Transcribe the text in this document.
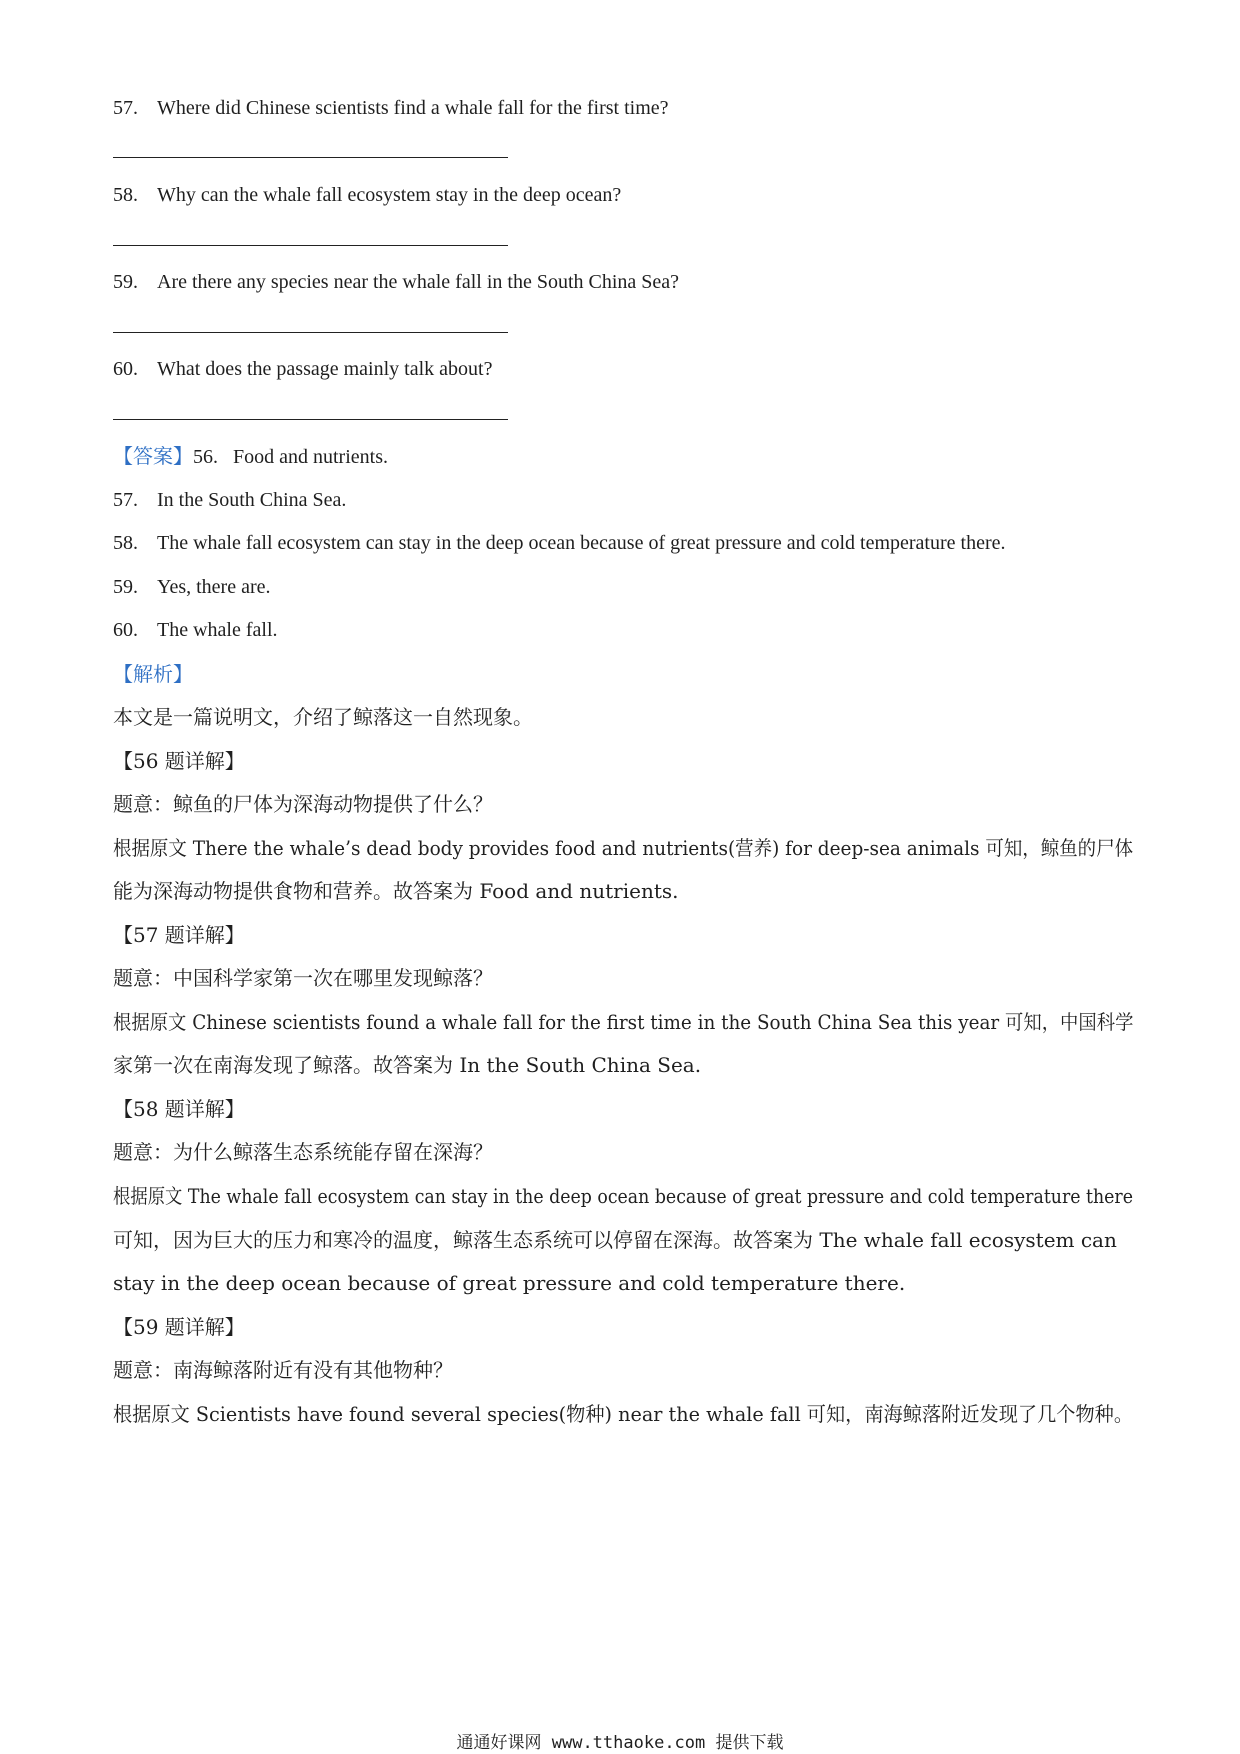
57. Where did Chinese scientists find a whale fall for the first time?
58. Why can the whale fall ecosystem stay in the deep ocean?
59. Are there any species near the whale fall in the South China Sea?
60. What does the passage mainly talk about?
【答案】56. Food and nutrients.
57. In the South China Sea.
58. The whale fall ecosystem can stay in the deep ocean because of great pressure and cold temperature there.
59. Yes, there are.
60. The whale fall.
【解析】
本文是一篇说明文，介绍了鲸落这一自然现象。
【56 题详解】
题意：鲸鱼的尸体为深海动物提供了什么？
根据原文 There the whale’s dead body provides food and nutrients(营养) for deep-sea animals 可知，鲸鱼的尸体
能为深海动物提供食物和营养。故答案为 Food and nutrients.
【57 题详解】
题意：中国科学家第一次在哪里发现鲸落？
根据原文 Chinese scientists found a whale fall for the first time in the South China Sea this year 可知，中国科学
家第一次在南海发现了鲸落。故答案为 In the South China Sea.
【58 题详解】
题意：为什么鲸落生态系统能存留在深海？
根据原文 The whale fall ecosystem can stay in the deep ocean because of great pressure and cold temperature there
可知，因为巨大的压力和寒冷的温度，鲸落生态系统可以停留在深海。故答案为 The whale fall ecosystem can
stay in the deep ocean because of great pressure and cold temperature there.
【59 题详解】
题意：南海鲸落附近有没有其他物种？
根据原文 Scientists have found several species(物种) near the whale fall 可知，南海鲸落附近发现了几个物种。
通通好课网 www.tthaoke.com 提供下载
